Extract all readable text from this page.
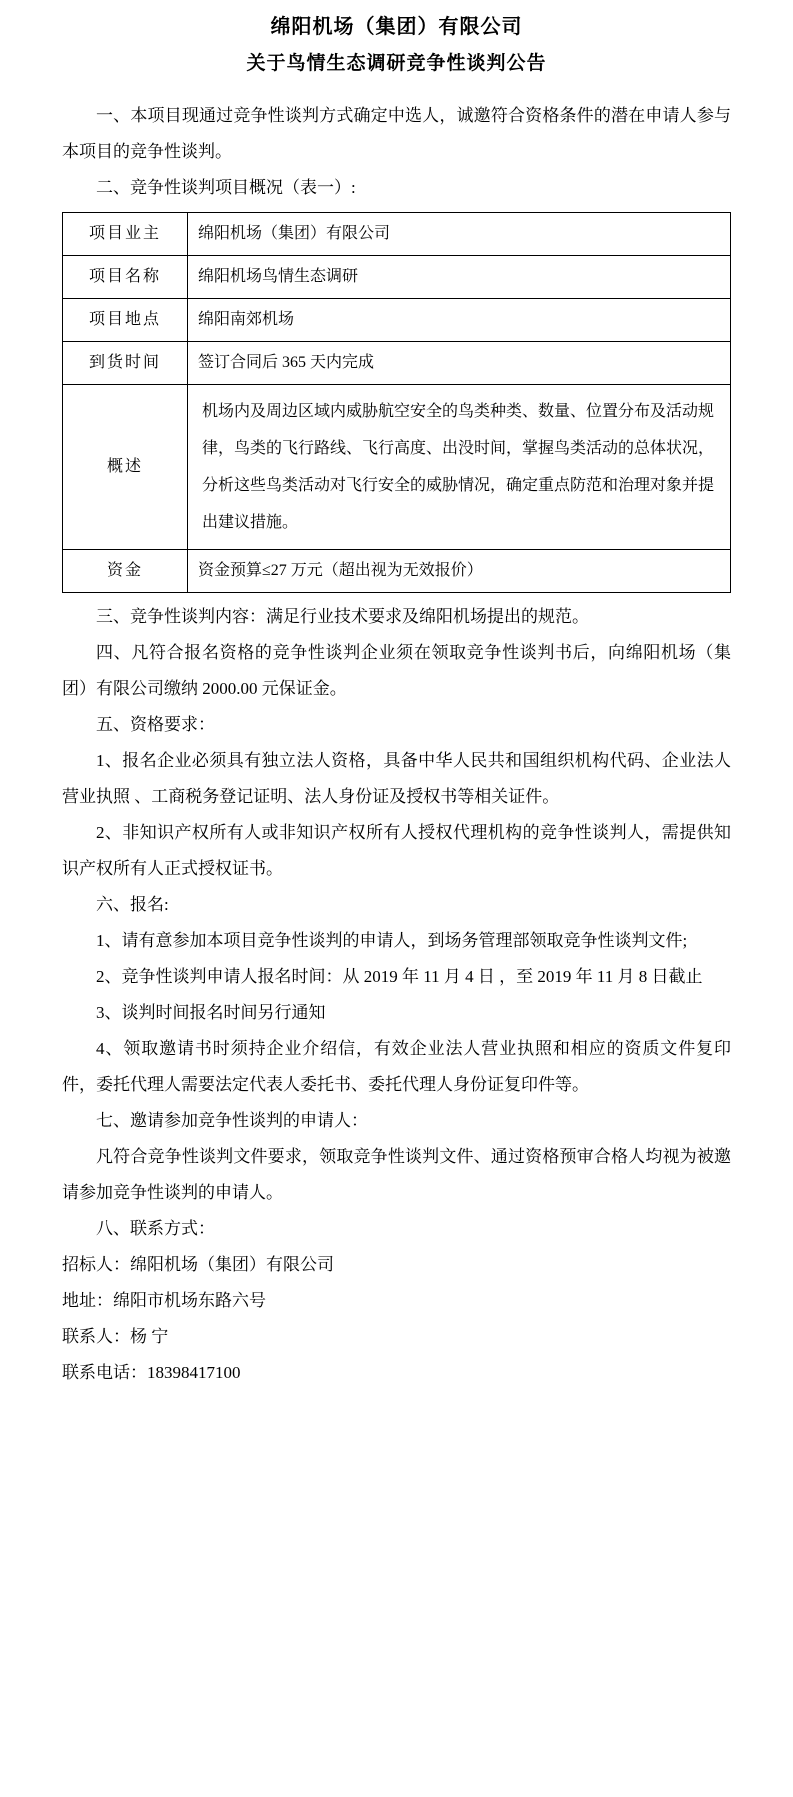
绵阳机场（集团）有限公司
关于鸟情生态调研竞争性谈判公告

一、本项目现通过竞争性谈判方式确定中选人，诚邀符合资格条件的潜在申请人参与本项目的竞争性谈判。

二、竞争性谈判项目概况（表一）:

项目业主	绵阳机场（集团）有限公司
项目名称	绵阳机场鸟情生态调研
项目地点	绵阳南郊机场
到货时间	签订合同后 365 天内完成
概述	机场内及周边区域内威胁航空安全的鸟类种类、数量、位置分布及活动规律，鸟类的飞行路线、飞行高度、出没时间，掌握鸟类活动的总体状况，分析这些鸟类活动对飞行安全的威胁情况，确定重点防范和治理对象并提出建议措施。
资金	资金预算≤27 万元（超出视为无效报价）

三、竞争性谈判内容：满足行业技术要求及绵阳机场提出的规范。

四、凡符合报名资格的竞争性谈判企业须在领取竞争性谈判书后，向绵阳机场（集团）有限公司缴纳 2000.00 元保证金。

五、资格要求：

1、报名企业必须具有独立法人资格，具备中华人民共和国组织机构代码、企业法人营业执照 、工商税务登记证明、法人身份证及授权书等相关证件。

2、非知识产权所有人或非知识产权所有人授权代理机构的竞争性谈判人，需提供知识产权所有人正式授权证书。

六、报名:

1、请有意参加本项目竞争性谈判的申请人，到场务管理部领取竞争性谈判文件;

2、竞争性谈判申请人报名时间：从 2019 年 11 月 4 日 ，至 2019 年 11 月 8 日截止

3、谈判时间报名时间另行通知

4、领取邀请书时须持企业介绍信，有效企业法人营业执照和相应的资质文件复印件，委托代理人需要法定代表人委托书、委托代理人身份证复印件等。

七、邀请参加竞争性谈判的申请人：

凡符合竞争性谈判文件要求，领取竞争性谈判文件、通过资格预审合格人均视为被邀请参加竞争性谈判的申请人。

八、联系方式：

招标人：绵阳机场（集团）有限公司

地址：绵阳市机场东路六号

联系人：杨 宁

联系电话：18398417100
